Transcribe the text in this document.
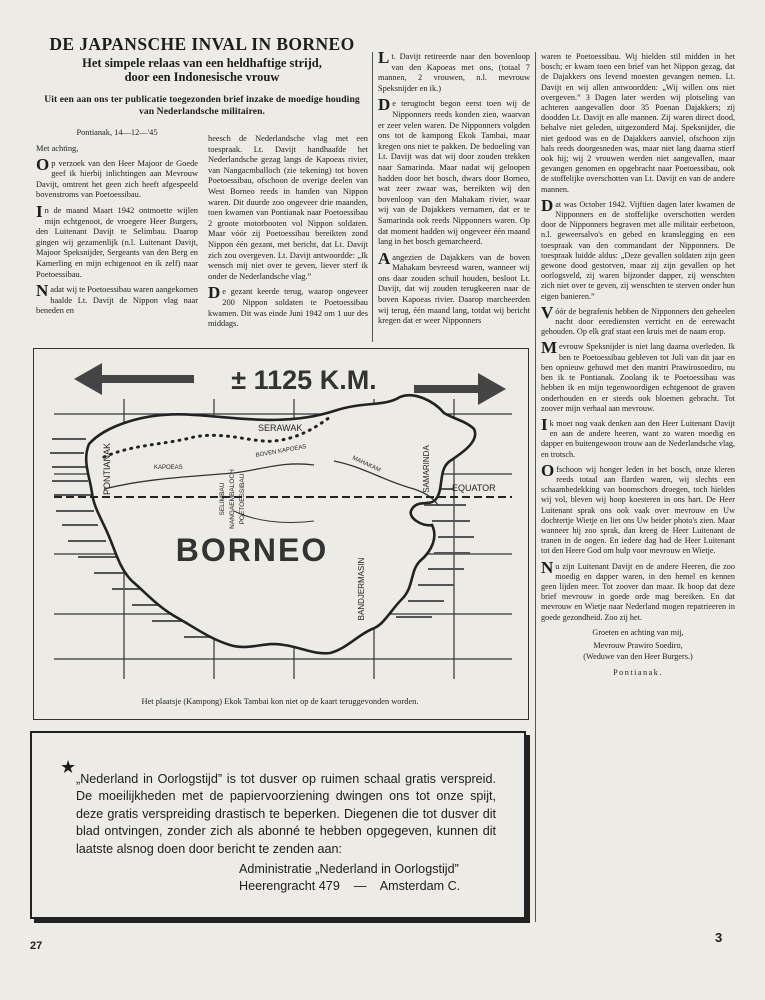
DE JAPANSCHE INVAL IN BORNEO
Het simpele relaas van een heldhaftige strijd,
door een Indonesische vrouw
Uit een aan ons ter publicatie toegezonden brief inzake de moedige houding van Nederlandsche militairen.
Pontianak, 14—12—'45

Met achting,

Op verzoek van den Heer Majoor de Goede geef ik hierbij inlichtingen aan Mevrouw Davijt, omtrent het geen zich heeft afgespeeld bovenstroms van Poetoessibau.

In de maand Maart 1942 ontmoette wijlen mijn echtgenoot, de vroegere Heer Burgers, den Luitenant Davijt te Selimbau. Daarop gingen wij gezamenlijk (n.l. Luitenant Davijt, Majoor Speksnijder, Sergeants van den Berg en Kamerling en mijn echtgenoot en ik zelf) naar Poetoessibau.

Nadat wij te Poetoessibau waren aangekomen haalde Lt. Davijt de Nippon vlag naar beneden en

heesch de Nederlandsche vlag met een toespraak. Lt. Davijt handhaafde het Nederlandsche gezag langs de Kapoeas rivier, van Nangacmballoch (zie tekening) tot boven Poetoessibau, ofschoon de overige deelen van West Borneo reeds in handen van Nippon waren. Dit duurde zoo ongeveer drie maanden, toen kwamen van Pontianak naar Poetoessibau 2 groote motorbooten vol Nippon soldaten. Maar vóór zij Poetoessibau bereikten zond Nippon één gezant, met bericht, dat Lt. Davijt zich zou overgeven. Lt. Davijt antwoordde: „Ik wensch mij niet over te geven, liever sterf ik onder de Nederlandsche vlag.”

De gezant keerde terug, waarop ongeveer 200 Nippon soldaten te Poetoessibau kwamen. Dit was einde Juni 1942 om 1 uur des middags.

Lt. Davijt retireerde naar den bovenloop van den Kapoeas met ons, (totaal 7 mannen, 2 vrouwen, n.l. mevrouw Speksnijder en ik.)

De terugtocht begon eerst toen wij de Nipponners reeds konden zien, waarvan er zeer velen waren. De Nipponners volgden ons tot de kampong Ekok Tambai, maar kregen ons niet te pakken. De bedoeling van Lt. Davijt was dat wij door zouden trekken naar Samarinda. Maar nadat wij geloopen hadden door het bosch, dwars door Borneo, wat zeer zwaar was, bereikten wij den bovenloop van den Mahakam rivier, waar wij van de Dajakkers vernamen, dat er te Samarinda ook reeds Nipponners waren. Op dat moment hadden wij ongeveer één maand lang in het bosch gemarcheerd.

Aangezien de Dajakkers van de boven Mahakam bevreesd waren, wanneer wij ons daar zouden schuil houden, besloot Lt. Davijt, dat wij zouden terugkeeren naar de boven Kapoeas rivier. Daarop marcheerden wij terug, één maand lang, totdat wij bericht kregen dat er weer Nipponners

waren te Poetoessibau. Wij hielden stil midden in het bosch; er kwam toen een brief van het Nippon gezag, dat de Dajakkers ons levend moesten gevangen nemen. Lt. Davijt en wij allen antwoordden: „Wij willen ons niet overgeven.” 3 Dagen later werden wij plotseling van achteren aangevallen door 35 Poenan Dajakkers; zij doodden Lt. Davijt en alle mannen. Zij waren direct dood, behalve niet geleden, uitgezonderd Maj. Speksnijder, die niet gedood was en de Dajakkers aanviel, ofschoon zijn hals reeds doorgesneden was, maar niet lang daarna stierf ook hij; wij 2 vrouwen werden niet aangevallen, maar gevangen genomen en opgebracht naar Poetoessibau, ook de stoffelijke overschotten van Lt. Davijt en van de andere mannen.

Dat was October 1942. Vijftien dagen later kwamen de Nipponners en de stoffelijke overschotten werden door de Nipponners begraven met alle militair eerbetoon, n.l. geweersalvo's en gebed en kranslegging en een toespraak van den commandant der Nipponners. De toespraak luidde aldus: „Deze gevallen soldaten zijn geen gewone dood gestorven, maar zij zijn gevallen op het oorlogsveld, zij waren bijzonder dapper, zij wenschten zich niet over te geven, zij wenschten te sterven onder hun eigen banieren.”

Vóór de begrafenis hebben de Nipponners den geheelen nacht door eerediensten verricht en de eerewacht gehouden. Op elk graf staat een kruis met de naam erop.

Mevrouw Speksnijder is niet lang daarna overleden. Ik ben te Poetoessibau gebleven tot Juli van dit jaar en ben opnieuw gehuwd met den mantri Prawirosoediro, nu ben ik te Pontianak. Zoolang ik te Poetoessibau was hebben ik en mijn tegenwoordigen echtgenoot de graven onderhouden en er steeds ook bloemen gebracht. Tot zoover mijn verhaal aan mevrouw.

Ik moet nog vaak denken aan den Heer Luitenant Davijt en aan de andere heeren, want zo waren moedig en dapper en buitengewoon trouw aan de Nederlandsche vlag, en trotsch.

Ofschoon wij honger leden in het bosch, onze kleren reeds totaal aan flarden waren, wij slechts een schaambedekking van boomschors droegen, toch hielden wij vol, bleven wij hoop koesteren in ons hart. De Heer Luitenant sprak ons ook vaak over mevrouw en Uw dochtertje Wietje en liet ons Uw beider photo's zien. Maar wanneer hij zoo sprak, dan kreeg de Heer Luitenant de tranen in de oogen. En iedere dag had de Heer Luitenant tot den Heere God om hulp voor mevrouw en Wietje.

Nu zijn Luitenant Davijt en de andere Heeren, die zoo moedig en dapper waren, in den hemel en kennen geen lijden meer. Tot zoover dan maar. Ik hoop dat deze brief mevrouw in goede orde mag bereiken. En dat mevrouw en Wietje naar Nederland mogen repatrieeren in goede gezondheid. Zoo zij het.

Groeten en achting van mij,

Mevrouw Prawiro Soediro,

(Weduwe van den Heer Burgers.)

Pontianak.

± 1125 K.M.
PONTIANAK	KAPOEAS
SERAWAK
SELIMBAU NANGAEMBALOCH POETOESSIBAU
BOVEN KAPOEAS
MAHAKAM	SAMARINDA
BANDJERMASIN
EQUATOR
BORNEO
Het plaatsje (Kampong) Ekok Tambai kon niet op de kaart teruggevonden worden.
★
„Nederland in Oorlogstijd” is tot dusver op ruimen schaal gratis verspreid. De moeilijkheden met de papiervoorziening dwingen ons tot onze spijt, deze gratis verspreiding drastisch te beperken. Diegenen die tot dusver dit blad ontvingen, zonder zich als abonné te hebben opgegeven, kunnen dit laatste alsnog doen door bericht te zenden aan:
Administratie „Nederland in Oorlogstijd”
Heerengracht 479    —    Amsterdam C.
27
3
